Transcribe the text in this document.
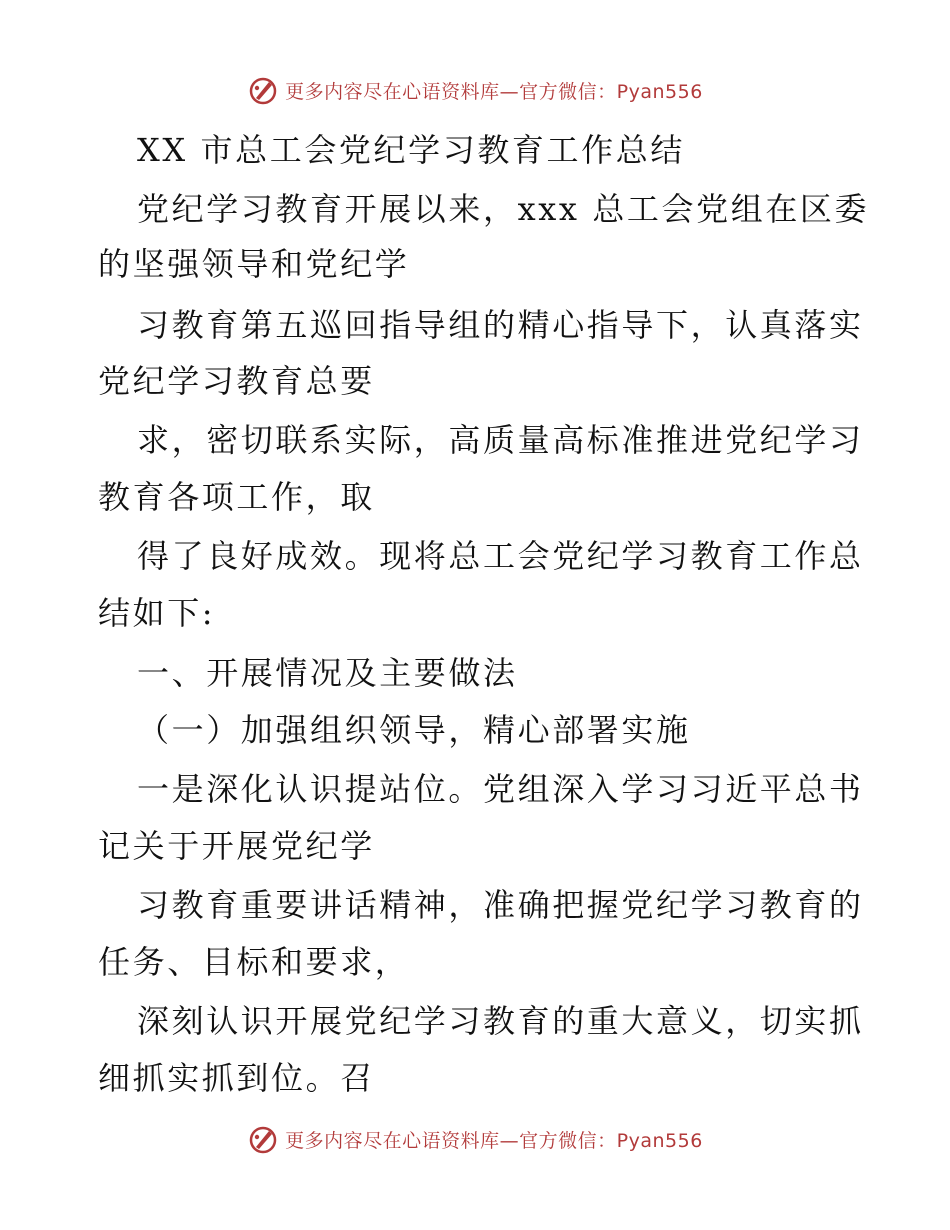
更多内容尽在心语资料库—官方微信：Pyan556
XX 市总工会党纪学习教育工作总结
党纪学习教育开展以来，xxx 总工会党组在区委
的坚强领导和党纪学
习教育第五巡回指导组的精心指导下，认真落实
党纪学习教育总要
求，密切联系实际，高质量高标准推进党纪学习
教育各项工作，取
得了良好成效。现将总工会党纪学习教育工作总
结如下:
一、开展情况及主要做法
（一）加强组织领导，精心部署实施
一是深化认识提站位。党组深入学习习近平总书
记关于开展党纪学
习教育重要讲话精神，准确把握党纪学习教育的
任务、目标和要求，
深刻认识开展党纪学习教育的重大意义，切实抓
细抓实抓到位。召
更多内容尽在心语资料库—官方微信：Pyan556
